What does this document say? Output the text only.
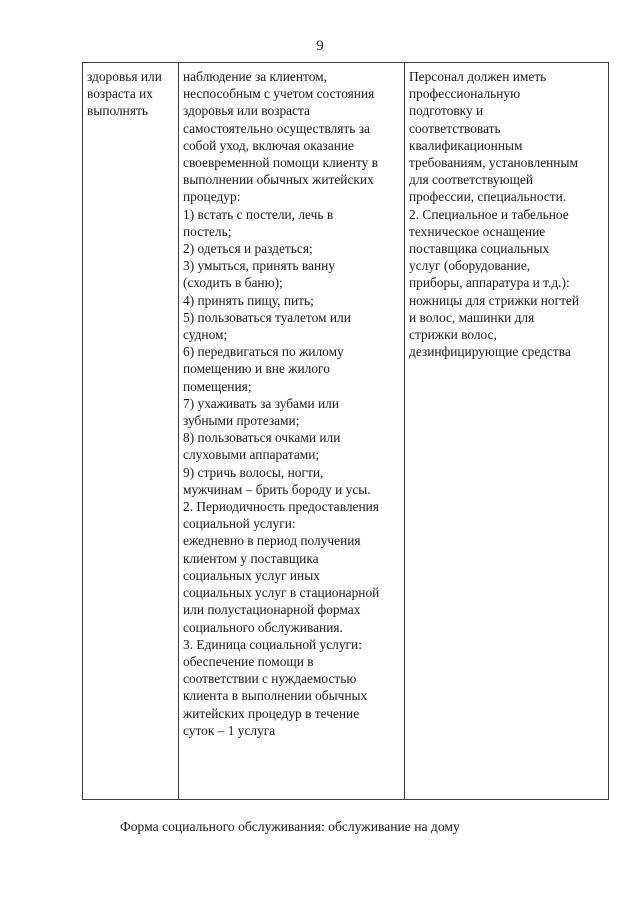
9
здоровья или
возраста их
выполнять

наблюдение за клиентом,
неспособным с учетом состояния
здоровья или возраста
самостоятельно осуществлять за
собой уход, включая оказание
своевременной помощи клиенту в
выполнении обычных житейских
процедур:
1) встать с постели, лечь в
постель;
2) одеться и раздеться;
3) умыться, принять ванну
(сходить в баню);
4) принять пищу, пить;
5) пользоваться туалетом или
судном;
6) передвигаться по жилому
помещению и вне жилого
помещения;
7) ухаживать за зубами или
зубными протезами;
8) пользоваться очками или
слуховыми аппаратами;
9) стричь волосы, ногти,
мужчинам – брить бороду и усы.
2. Периодичность предоставления
социальной услуги:
ежедневно в период получения
клиентом у поставщика
социальных услуг иных
социальных услуг в стационарной
или полустационарной формах
социального обслуживания.
3. Единица социальной услуги:
обеспечение помощи в
соответствии с нуждаемостью
клиента в выполнении обычных
житейских процедур в течение
суток – 1 услуга

Персонал должен иметь
профессиональную
подготовку и
соответствовать
квалификационным
требованиям, установленным
для соответствующей
профессии, специальности.
2. Специальное и табельное
техническое оснащение
поставщика социальных
услуг (оборудование,
приборы, аппаратура и т.д.):
ножницы для стрижки ногтей
и волос, машинки для
стрижки волос,
дезинфицирующие средства
Форма социального обслуживания: обслуживание на дому
